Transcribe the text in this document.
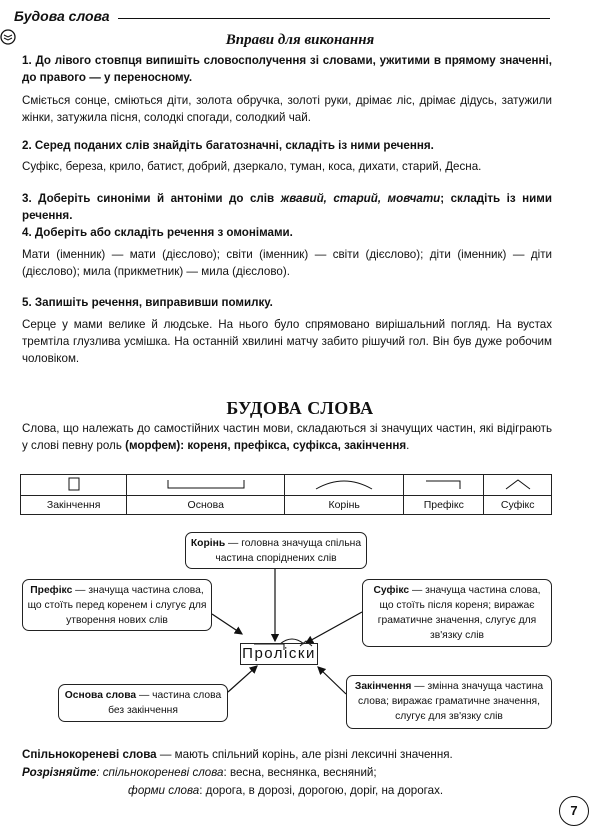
Будова слова
Вправи для виконання
1. До лівого стовпця випишіть словосполучення зі словами, ужитими в прямому значенні, до правого — у переносному.
Сміється сонце, сміються діти, золота обручка, золоті руки, дрімає ліс, дрімає дідусь, затужили жінки, затужила пісня, солодкі спогади, солодкий чай.
2. Серед поданих слів знайдіть багатозначні, складіть із ними речення.
Суфікс, береза, крило, батист, добрий, дзеркало, туман, коса, дихати, старий, Десна.
3. Доберіть синоніми й антоніми до слів жвавий, старий, мовчати; складіть із ними речення.
4. Доберіть або складіть речення з омонімами.
Мати (іменник) — мати (дієслово); світи (іменник) — світи (дієслово); діти (іменник) — діти (дієслово); мила (прикметник) — мила (дієслово).
5. Запишіть речення, виправивши помилку.
Серце у мами велике й людське. На нього було спрямовано вирішальний погляд. На вустах тремтіла глузлива усмішка. На останній хвилині матчу забито рішучий гол. Він був дуже робочим чоловіком.
БУДОВА СЛОВА
Слова, що належать до самостійних частин мови, складаються зі значущих частин, які відіграють у слові певну роль (морфем): кореня, префікса, суфікса, закінчення.

Закінчення	Основа	Корінь	Префікс	Суфікс
Корінь — головна значуща спільна частина споріднених слів
Префікс — значуща частина слова, що стоїть перед коренем і слугує для утворення нових слів
Суфікс — значуща частина слова, що стоїть після кореня; виражає граматичне значення, слугує для зв'язку слів
Основа слова — частина слова без закінчення
Закінчення — змінна значуща частина слова; виражає граматичне значення, слугує для зв'язку слів
Проліски
Спільнокореневі слова — мають спільний корінь, але різні лексичні значення.
Розрізняйте: спільнокореневі слова: весна, веснянка, весняний;
форми слова: дорога, в дорозі, дорогою, доріг, на дорогах.
7
